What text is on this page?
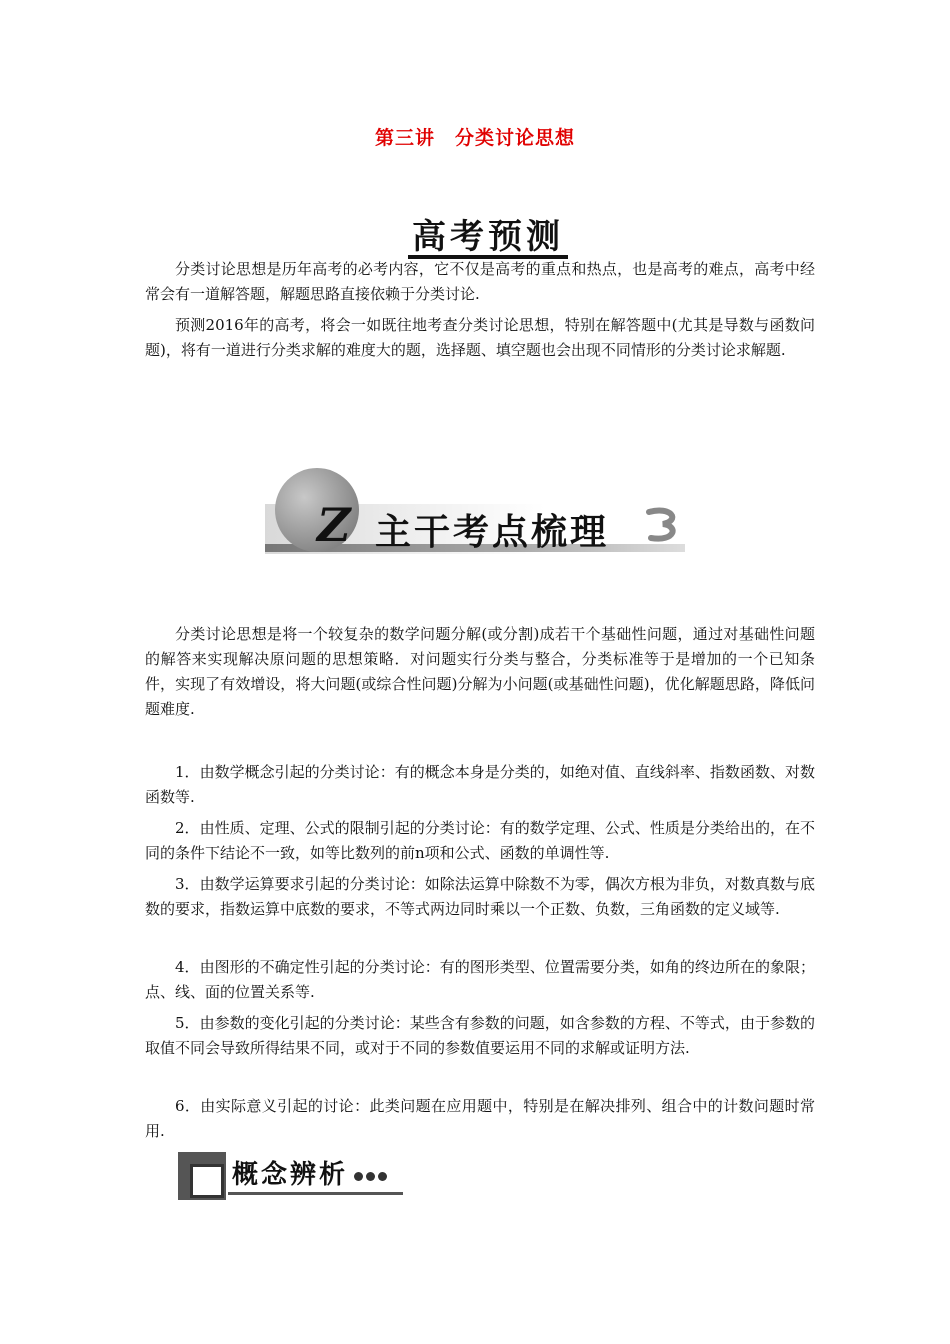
第三讲　分类讨论思想
高考预测

分类讨论思想是历年高考的必考内容，它不仅是高考的重点和热点，也是高考的难点，高考中经常会有一道解答题，解题思路直接依赖于分类讨论.

预测2016年的高考，将会一如既往地考查分类讨论思想，特别在解答题中(尤其是导数与函数问题)，将有一道进行分类求解的难度大的题，选择题、填空题也会出现不同情形的分类讨论求解题.

Z 主干考点梳理

分类讨论思想是将一个较复杂的数学问题分解(或分割)成若干个基础性问题，通过对基础性问题的解答来实现解决原问题的思想策略．对问题实行分类与整合，分类标准等于是增加的一个已知条件，实现了有效增设，将大问题(或综合性问题)分解为小问题(或基础性问题)，优化解题思路，降低问题难度.

1．由数学概念引起的分类讨论：有的概念本身是分类的，如绝对值、直线斜率、指数函数、对数函数等.

2．由性质、定理、公式的限制引起的分类讨论：有的数学定理、公式、性质是分类给出的，在不同的条件下结论不一致，如等比数列的前n项和公式、函数的单调性等.

3．由数学运算要求引起的分类讨论：如除法运算中除数不为零，偶次方根为非负，对数真数与底数的要求，指数运算中底数的要求，不等式两边同时乘以一个正数、负数，三角函数的定义域等.

4．由图形的不确定性引起的分类讨论：有的图形类型、位置需要分类，如角的终边所在的象限；点、线、面的位置关系等.

5．由参数的变化引起的分类讨论：某些含有参数的问题，如含参数的方程、不等式，由于参数的取值不同会导致所得结果不同，或对于不同的参数值要运用不同的求解或证明方法.

6．由实际意义引起的讨论：此类问题在应用题中，特别是在解决排列、组合中的计数问题时常用.

概念辨析
